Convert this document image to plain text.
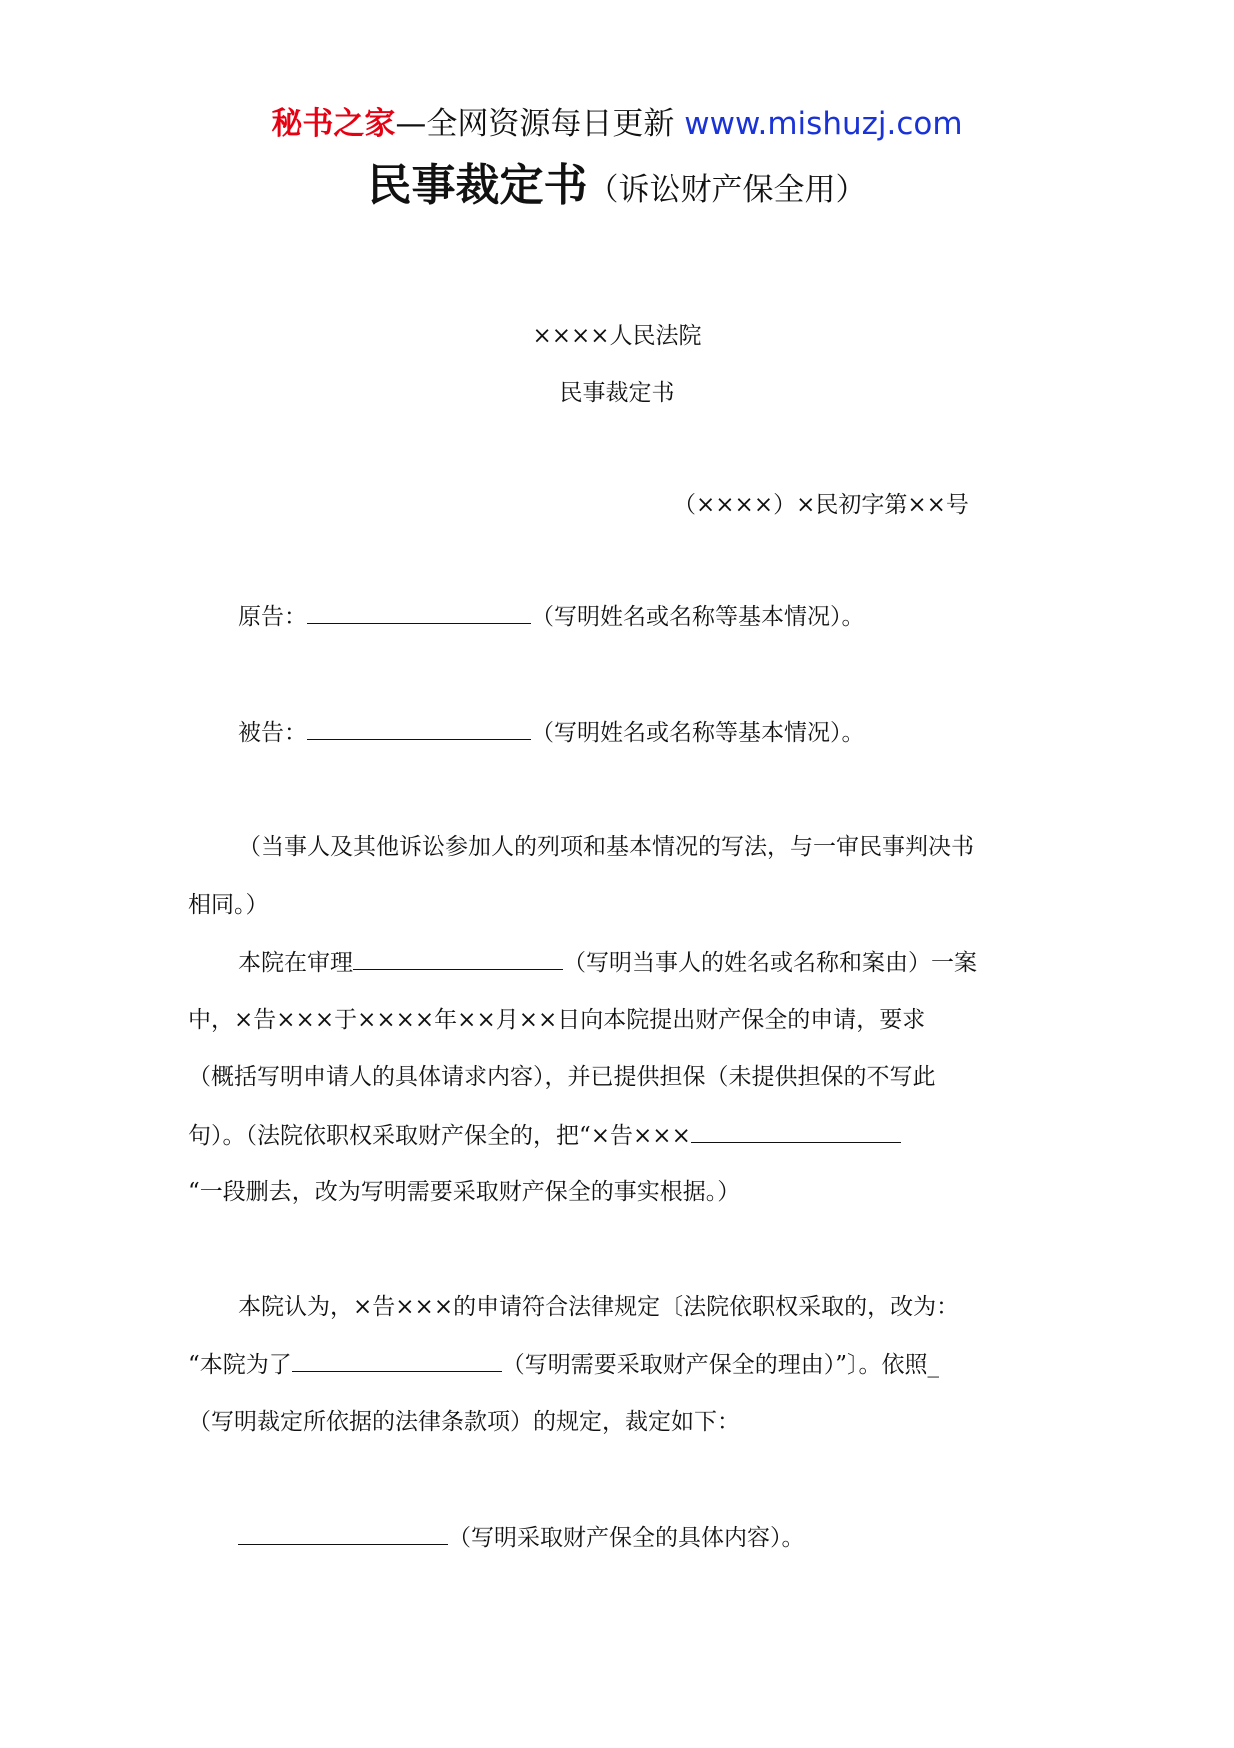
秘书之家—全网资源每日更新 www.mishuzj.com
民事裁定书（诉讼财产保全用）
××××人民法院
民事裁定书
（××××）×民初字第××号
原告：	（写明姓名或名称等基本情况）。
被告：	（写明姓名或名称等基本情况）。
（当事人及其他诉讼参加人的列项和基本情况的写法，与一审民事判决书
相同。）
本院在审理	（写明当事人的姓名或名称和案由）一案
中，×告×××于××××年××月××日向本院提出财产保全的申请，要求
（概括写明申请人的具体请求内容），并已提供担保（未提供担保的不写此
句）。（法院依职权采取财产保全的，把“×告×××
“一段删去，改为写明需要采取财产保全的事实根据。）
本院认为，×告×××的申请符合法律规定〔法院依职权采取的，改为：
“本院为了	（写明需要采取财产保全的理由）”〕。依照_
（写明裁定所依据的法律条款项）的规定，裁定如下：
（写明采取财产保全的具体内容）。
